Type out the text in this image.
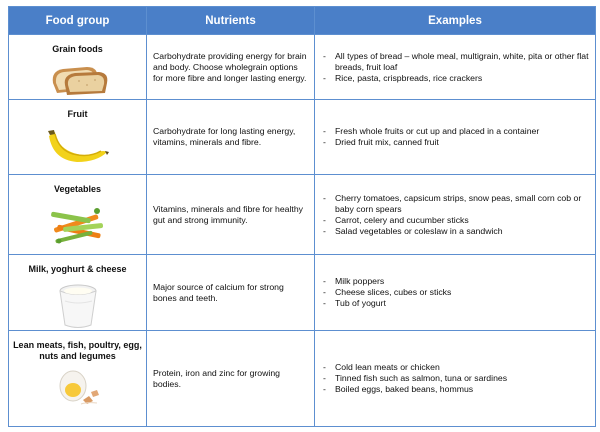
Food group	Nutrients	Examples
Grain foods
Carbohydrate providing energy for brain and body. Choose wholegrain options for more fibre and longer lasting energy.
- All types of bread – whole meal, multigrain, white, pita or other flat breads, fruit loaf
- Rice, pasta, crispbreads, rice crackers
Fruit
Carbohydrate for long lasting energy, vitamins, minerals and fibre.
- Fresh whole fruits or cut up and placed in a container
- Dried fruit mix, canned fruit
Vegetables
Vitamins, minerals and fibre for healthy gut and strong immunity.
- Cherry tomatoes, capsicum strips, snow peas, small corn cob or baby corn spears
- Carrot, celery and cucumber sticks
- Salad vegetables or coleslaw in a sandwich
Milk, yoghurt & cheese
Major source of calcium for strong bones and teeth.
- Milk poppers
- Cheese slices, cubes or sticks
- Tub of yogurt
Lean meats, fish, poultry, egg, nuts and legumes
Protein, iron and zinc for growing bodies.
- Cold lean meats or chicken
- Tinned fish such as salmon, tuna or sardines
- Boiled eggs, baked beans, hommus
